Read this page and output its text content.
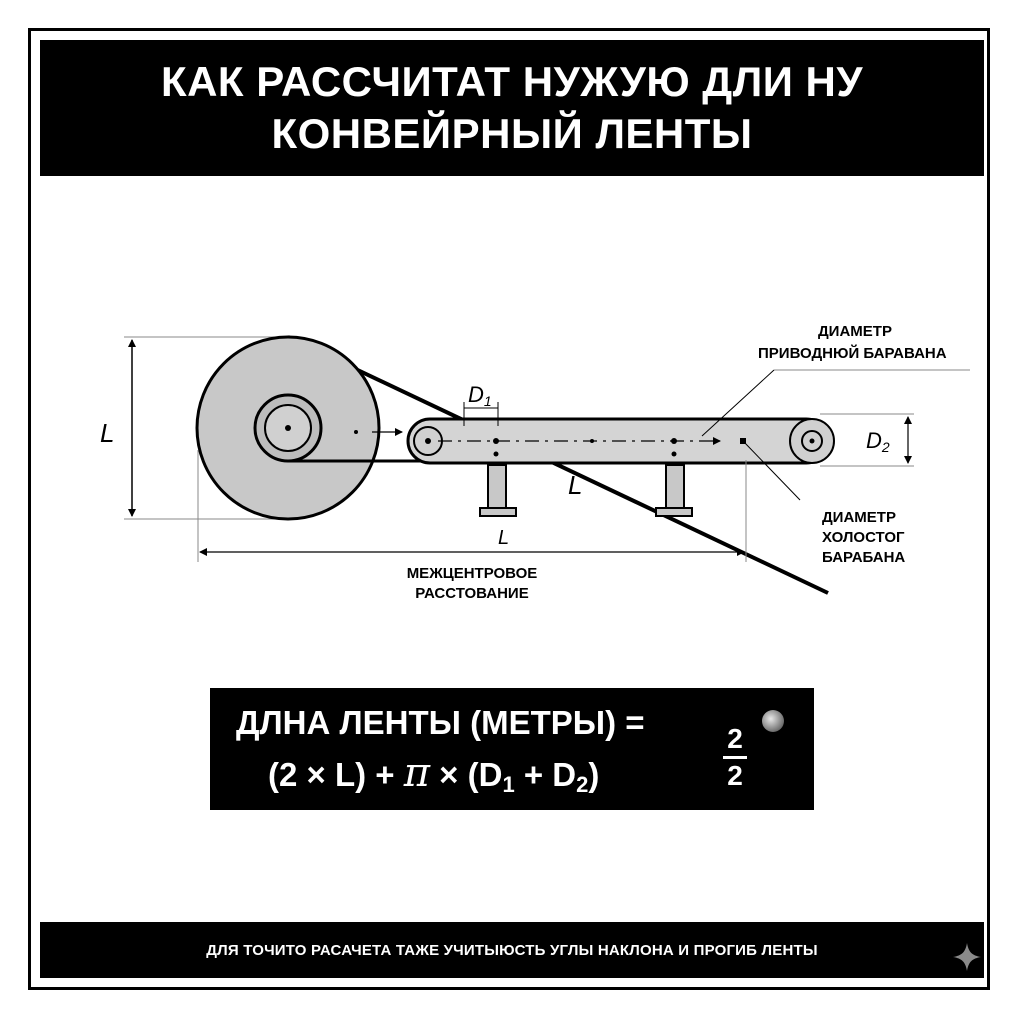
КАК РАССЧИТАТ НУЖУЮ ДЛИ НУ
КОНВЕЙРНЫЙ ЛЕНТЫ
L
D1
L
D2
ДИАМЕТР
ПРИВОДНЮЙ БАРАВАНА
ДИАМЕТР
ХОЛОСТОГ
БАРАБАНА
L
МЕЖЦЕНТРОВОЕ
РАССТОВАНИЕ
ДЛНА ЛЕНТЫ (МЕТРЫ) =
(2 × L) + π × (D1 + D2)
2
2
ДЛЯ ТОЧИТО РАСАЧЕТА ТАЖЕ УЧИТЫЮСТЬ УГЛЫ НАКЛОНА И ПРОГИБ ЛЕНТЫ
